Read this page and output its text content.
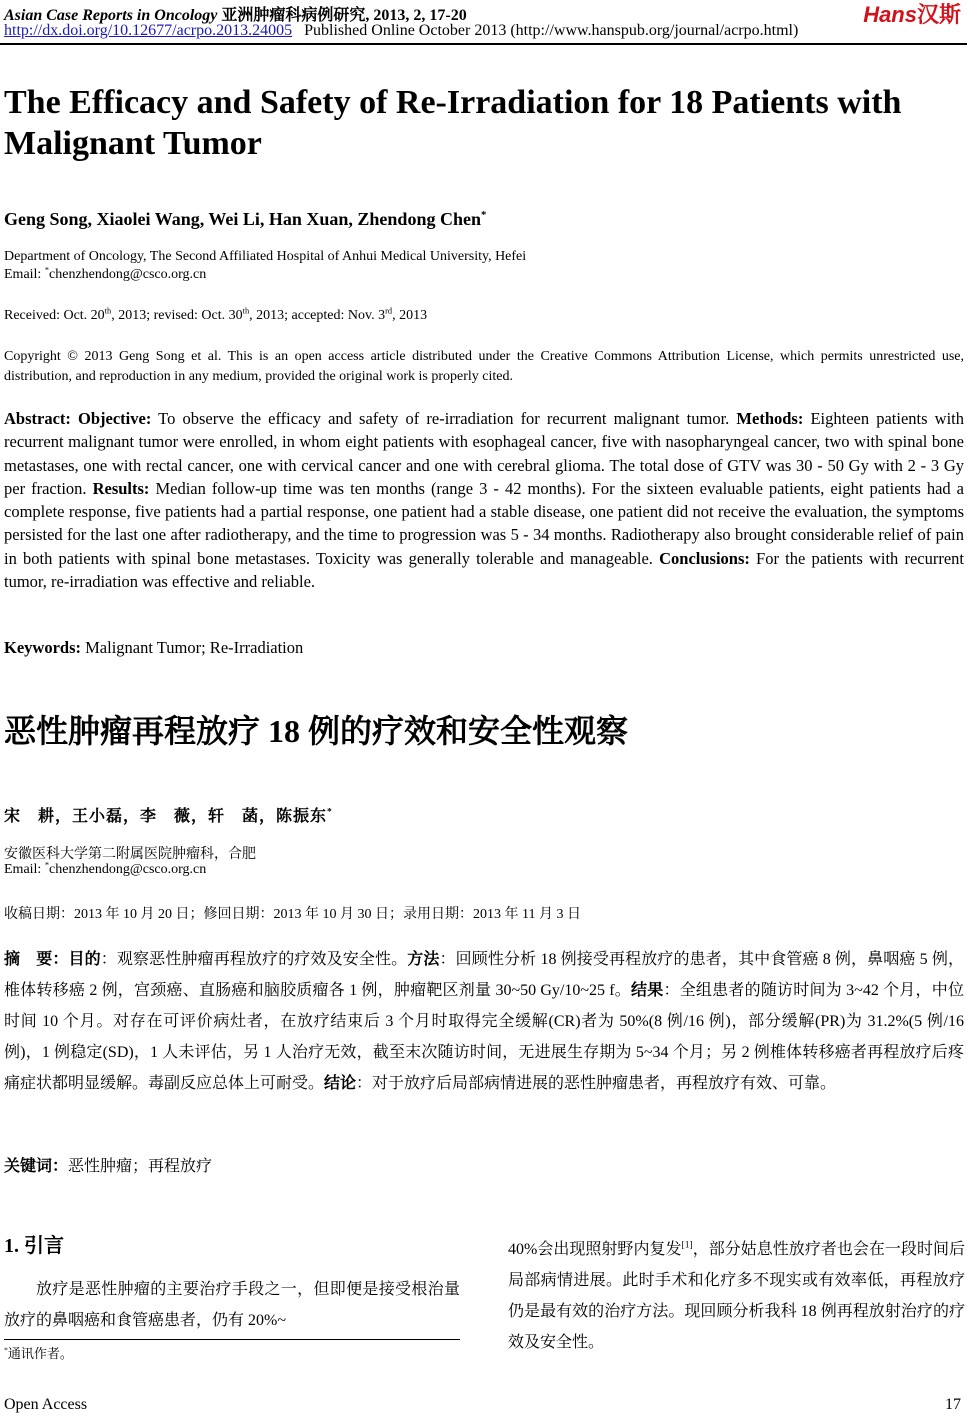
Asian Case Reports in Oncology 亚洲肿瘤科病例研究, 2013, 2, 17-20	Hans汉斯
http://dx.doi.org/10.12677/acrpo.2013.24005 Published Online October 2013 (http://www.hanspub.org/journal/acrpo.html)
The Efficacy and Safety of Re-Irradiation for 18 Patients with Malignant Tumor
Geng Song, Xiaolei Wang, Wei Li, Han Xuan, Zhendong Chen*
Department of Oncology, The Second Affiliated Hospital of Anhui Medical University, Hefei
Email: *chenzhendong@csco.org.cn
Received: Oct. 20th, 2013; revised: Oct. 30th, 2013; accepted: Nov. 3rd, 2013
Copyright © 2013 Geng Song et al. This is an open access article distributed under the Creative Commons Attribution License, which permits unrestricted use, distribution, and reproduction in any medium, provided the original work is properly cited.
Abstract: Objective: To observe the efficacy and safety of re-irradiation for recurrent malignant tumor. Methods: Eighteen patients with recurrent malignant tumor were enrolled, in whom eight patients with esophageal cancer, five with nasopharyngeal cancer, two with spinal bone metastases, one with rectal cancer, one with cervical cancer and one with cerebral glioma. The total dose of GTV was 30 - 50 Gy with 2 - 3 Gy per fraction. Results: Median follow-up time was ten months (range 3 - 42 months). For the sixteen evaluable patients, eight patients had a complete response, five patients had a partial response, one patient had a stable disease, one patient did not receive the evaluation, the symptoms persisted for the last one after radiotherapy, and the time to progression was 5 - 34 months. Radiotherapy also brought considerable relief of pain in both patients with spinal bone metastases. Toxicity was generally tolerable and manageable. Conclusions: For the patients with recurrent tumor, re-irradiation was effective and reliable.
Keywords: Malignant Tumor; Re-Irradiation
恶性肿瘤再程放疗 18 例的疗效和安全性观察
宋　耕，王小磊，李　薇，轩　菡，陈振东*
安徽医科大学第二附属医院肿瘤科，合肥
Email: *chenzhendong@csco.org.cn
收稿日期：2013 年 10 月 20 日；修回日期：2013 年 10 月 30 日；录用日期：2013 年 11 月 3 日
摘　要：目的：观察恶性肿瘤再程放疗的疗效及安全性。方法：回顾性分析 18 例接受再程放疗的患者，其中食管癌 8 例，鼻咽癌 5 例，椎体转移癌 2 例，宫颈癌、直肠癌和脑胶质瘤各 1 例，肿瘤靶区剂量 30~50 Gy/10~25 f。结果：全组患者的随访时间为 3~42 个月，中位时间 10 个月。对存在可评价病灶者，在放疗结束后 3 个月时取得完全缓解(CR)者为 50%(8 例/16 例)，部分缓解(PR)为 31.2%(5 例/16 例)，1 例稳定(SD)，1 人未评估，另 1 人治疗无效，截至末次随访时间，无进展生存期为 5~34 个月；另 2 例椎体转移癌者再程放疗后疼痛症状都明显缓解。毒副反应总体上可耐受。结论：对于放疗后局部病情进展的恶性肿瘤患者，再程放疗有效、可靠。
关键词：恶性肿瘤；再程放疗
1. 引言
放疗是恶性肿瘤的主要治疗手段之一，但即便是接受根治量放疗的鼻咽癌和食管癌患者，仍有 20%~
*通讯作者。
40%会出现照射野内复发[1]，部分姑息性放疗者也会在一段时间后局部病情进展。此时手术和化疗多不现实或有效率低，再程放疗仍是最有效的治疗方法。现回顾分析我科 18 例再程放射治疗的疗效及安全性。
Open Access	17
